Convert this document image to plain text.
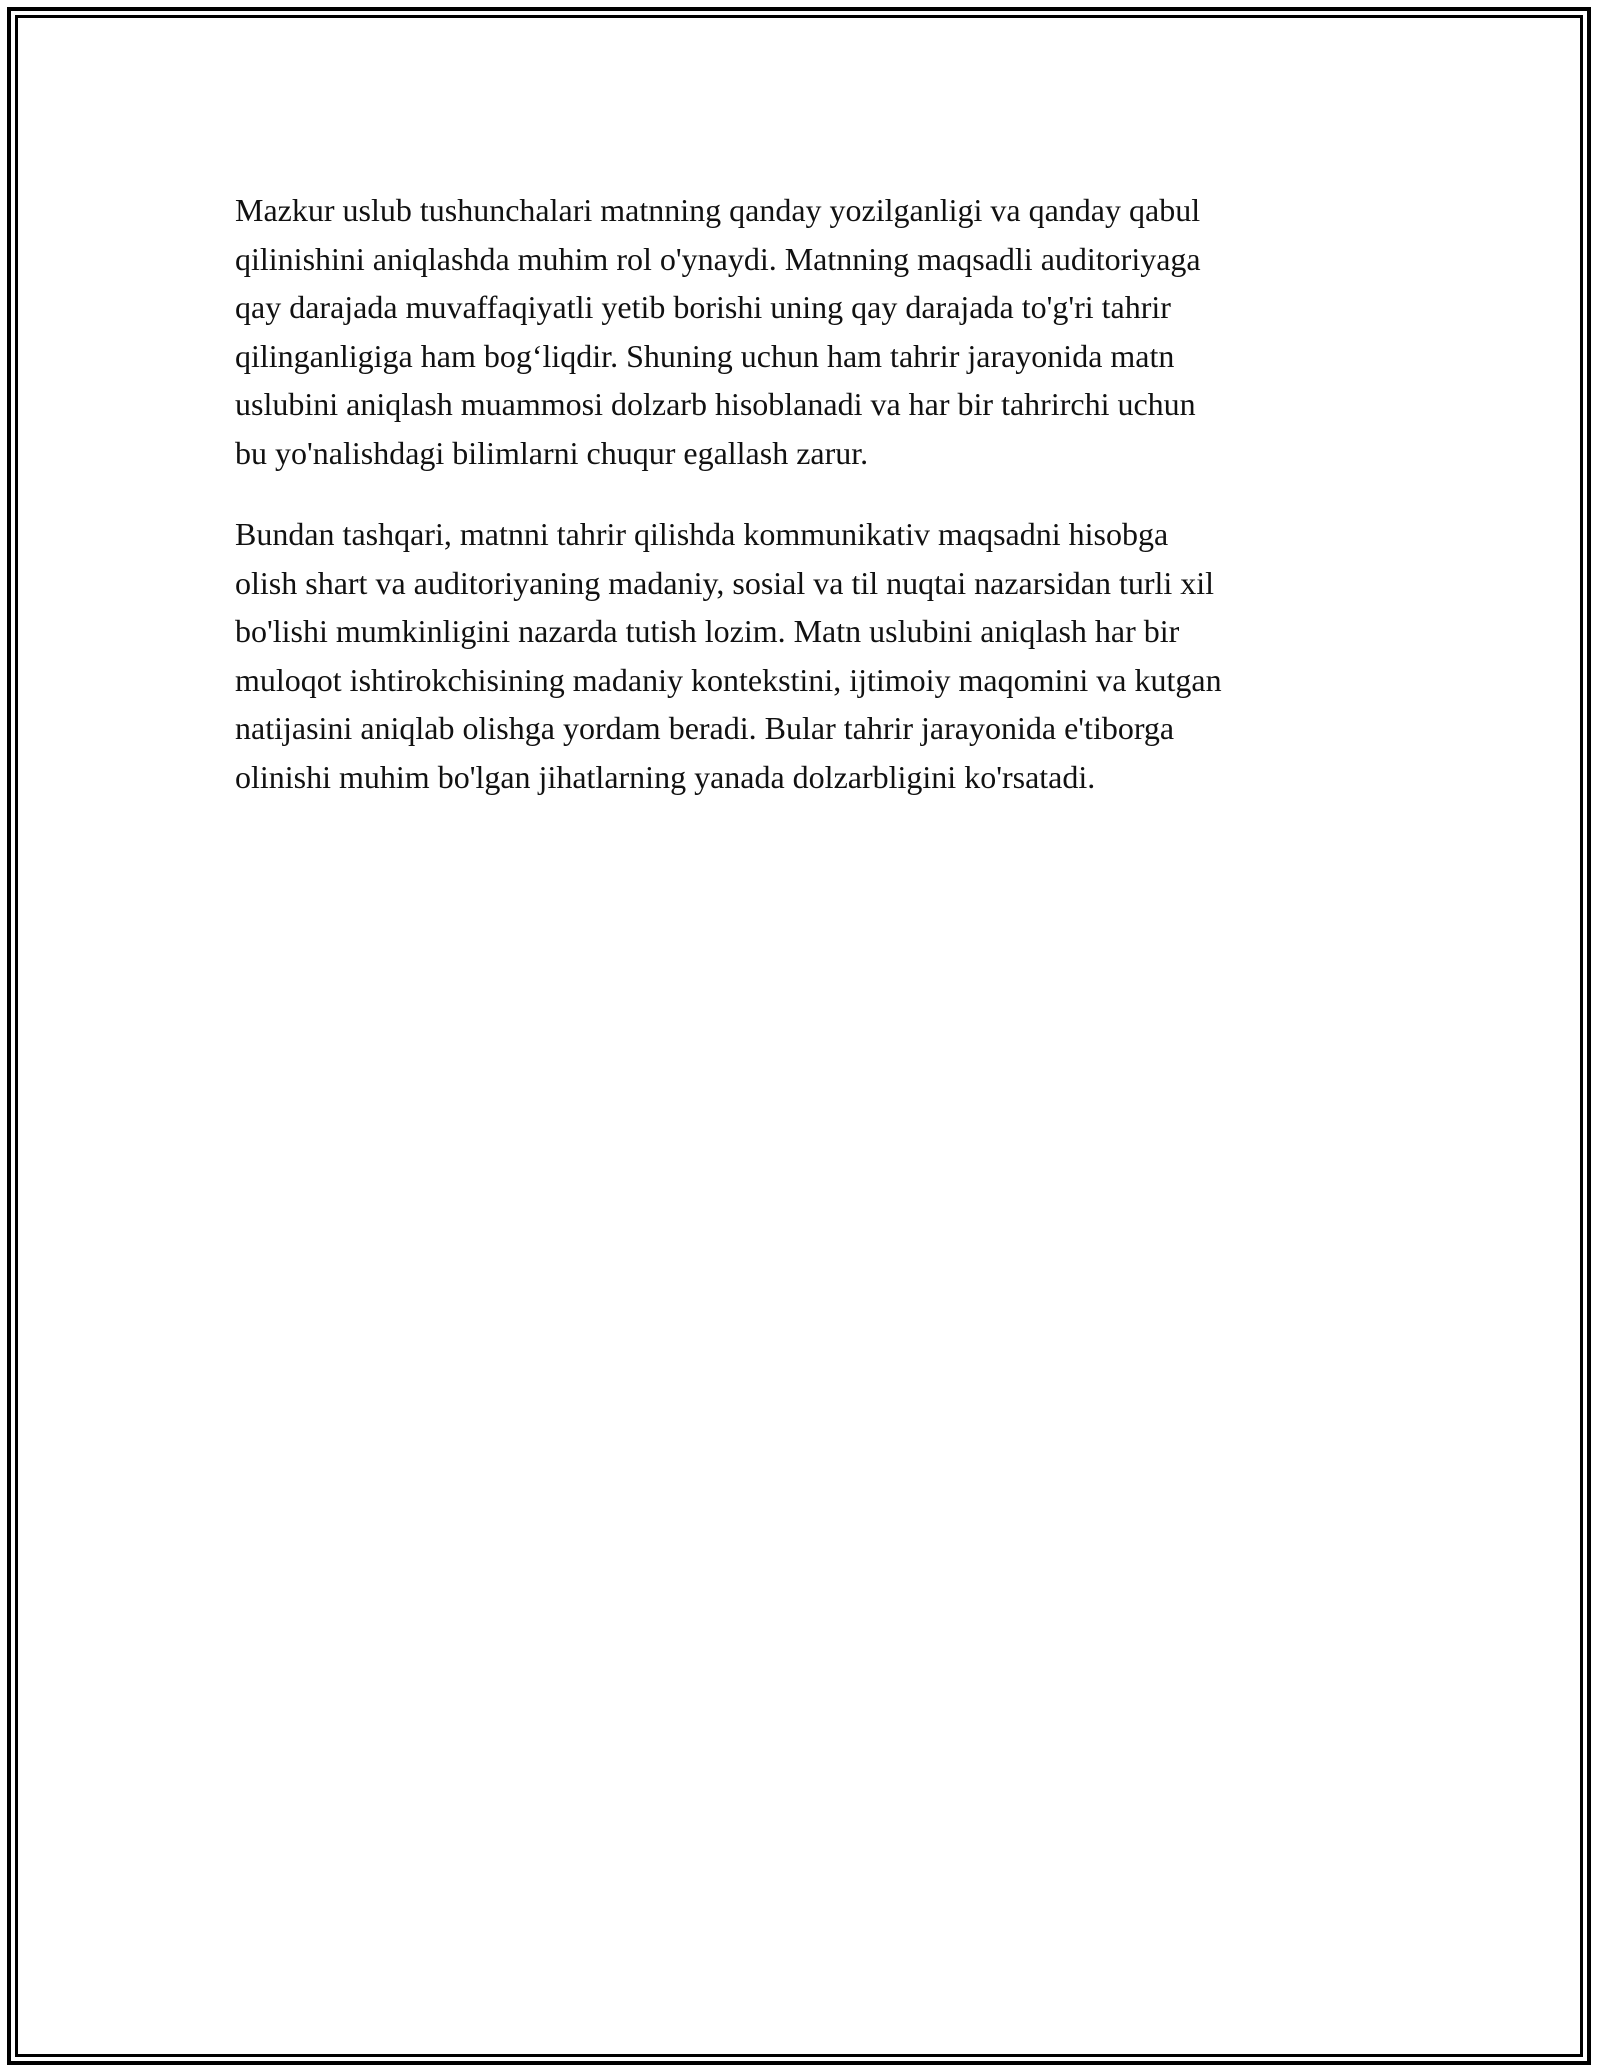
Mazkur uslub tushunchalari matnning qanday yozilganligi va qanday qabul
qilinishini aniqlashda muhim rol o'ynaydi. Matnning maqsadli auditoriyaga
qay darajada muvaffaqiyatli yetib borishi uning qay darajada to'g'ri tahrir
qilinganligiga ham bog‘liqdir. Shuning uchun ham tahrir jarayonida matn
uslubini aniqlash muammosi dolzarb hisoblanadi va har bir tahrirchi uchun
bu yo'nalishdagi bilimlarni chuqur egallash zarur.

Bundan tashqari, matnni tahrir qilishda kommunikativ maqsadni hisobga
olish shart va auditoriyaning madaniy, sosial va til nuqtai nazarsidan turli xil
bo'lishi mumkinligini nazarda tutish lozim. Matn uslubini aniqlash har bir
muloqot ishtirokchisining madaniy kontekstini, ijtimoiy maqomini va kutgan
natijasini aniqlab olishga yordam beradi. Bular tahrir jarayonida e'tiborga
olinishi muhim bo'lgan jihatlarning yanada dolzarbligini ko'rsatadi.
